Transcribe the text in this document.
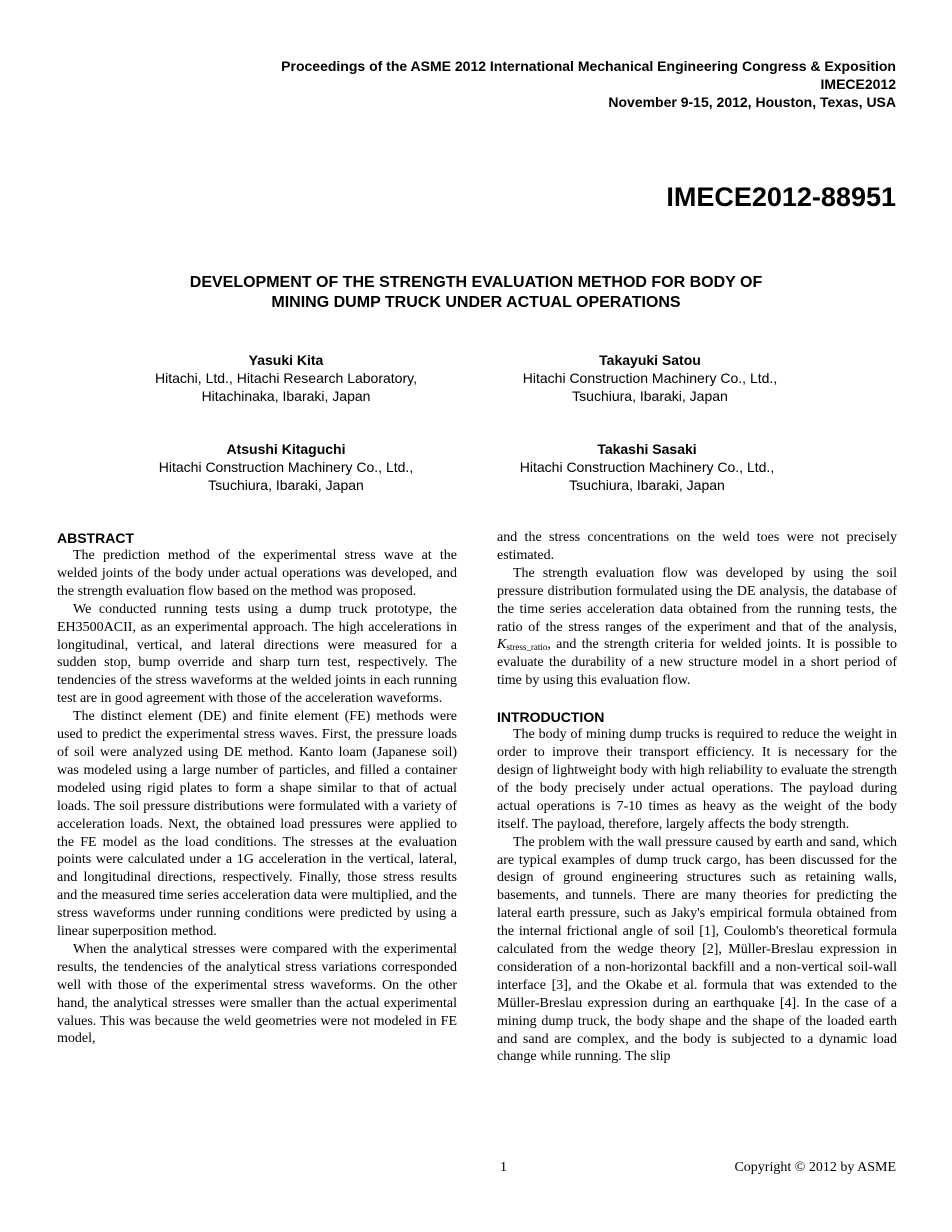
Proceedings of the ASME 2012 International Mechanical Engineering Congress & Exposition
IMECE2012
November 9-15, 2012, Houston, Texas, USA
IMECE2012-88951
DEVELOPMENT OF THE STRENGTH EVALUATION METHOD FOR BODY OF
MINING DUMP TRUCK UNDER ACTUAL OPERATIONS
Yasuki Kita
Hitachi, Ltd., Hitachi Research Laboratory,
Hitachinaka, Ibaraki, Japan
Takayuki Satou
Hitachi Construction Machinery Co., Ltd.,
Tsuchiura, Ibaraki, Japan
Atsushi Kitaguchi
Hitachi Construction Machinery Co., Ltd.,
Tsuchiura, Ibaraki, Japan
Takashi Sasaki
Hitachi Construction Machinery Co., Ltd.,
Tsuchiura, Ibaraki, Japan
ABSTRACT

The prediction method of the experimental stress wave at the welded joints of the body under actual operations was developed, and the strength evaluation flow based on the method was proposed.

We conducted running tests using a dump truck prototype, the EH3500ACII, as an experimental approach. The high accelerations in longitudinal, vertical, and lateral directions were measured for a sudden stop, bump override and sharp turn test, respectively. The tendencies of the stress waveforms at the welded joints in each running test are in good agreement with those of the acceleration waveforms.

The distinct element (DE) and finite element (FE) methods were used to predict the experimental stress waves. First, the pressure loads of soil were analyzed using DE method. Kanto loam (Japanese soil) was modeled using a large number of particles, and filled a container modeled using rigid plates to form a shape similar to that of actual loads. The soil pressure distributions were formulated with a variety of acceleration loads. Next, the obtained load pressures were applied to the FE model as the load conditions. The stresses at the evaluation points were calculated under a 1G acceleration in the vertical, lateral, and longitudinal directions, respectively. Finally, those stress results and the measured time series acceleration data were multiplied, and the stress waveforms under running conditions were predicted by using a linear superposition method.

When the analytical stresses were compared with the experimental results, the tendencies of the analytical stress variations corresponded well with those of the experimental stress waveforms. On the other hand, the analytical stresses were smaller than the actual experimental values. This was because the weld geometries were not modeled in FE model,

and the stress concentrations on the weld toes were not precisely estimated.

The strength evaluation flow was developed by using the soil pressure distribution formulated using the DE analysis, the database of the time series acceleration data obtained from the running tests, the ratio of the stress ranges of the experiment and that of the analysis, $K_{stress\_ratio}$, and the strength criteria for welded joints. It is possible to evaluate the durability of a new structure model in a short period of time by using this evaluation flow.

INTRODUCTION

The body of mining dump trucks is required to reduce the weight in order to improve their transport efficiency. It is necessary for the design of lightweight body with high reliability to evaluate the strength of the body precisely under actual operations. The payload during actual operations is 7-10 times as heavy as the weight of the body itself. The payload, therefore, largely affects the body strength.

The problem with the wall pressure caused by earth and sand, which are typical examples of dump truck cargo, has been discussed for the design of ground engineering structures such as retaining walls, basements, and tunnels. There are many theories for predicting the lateral earth pressure, such as Jaky's empirical formula obtained from the internal frictional angle of soil [1], Coulomb's theoretical formula calculated from the wedge theory [2], Müller-Breslau expression in consideration of a non-horizontal backfill and a non-vertical soil-wall interface [3], and the Okabe et al. formula that was extended to the Müller-Breslau expression during an earthquake [4]. In the case of a mining dump truck, the body shape and the shape of the loaded earth and sand are complex, and the body is subjected to a dynamic load change while running. The slip

1	Copyright © 2012 by ASME
